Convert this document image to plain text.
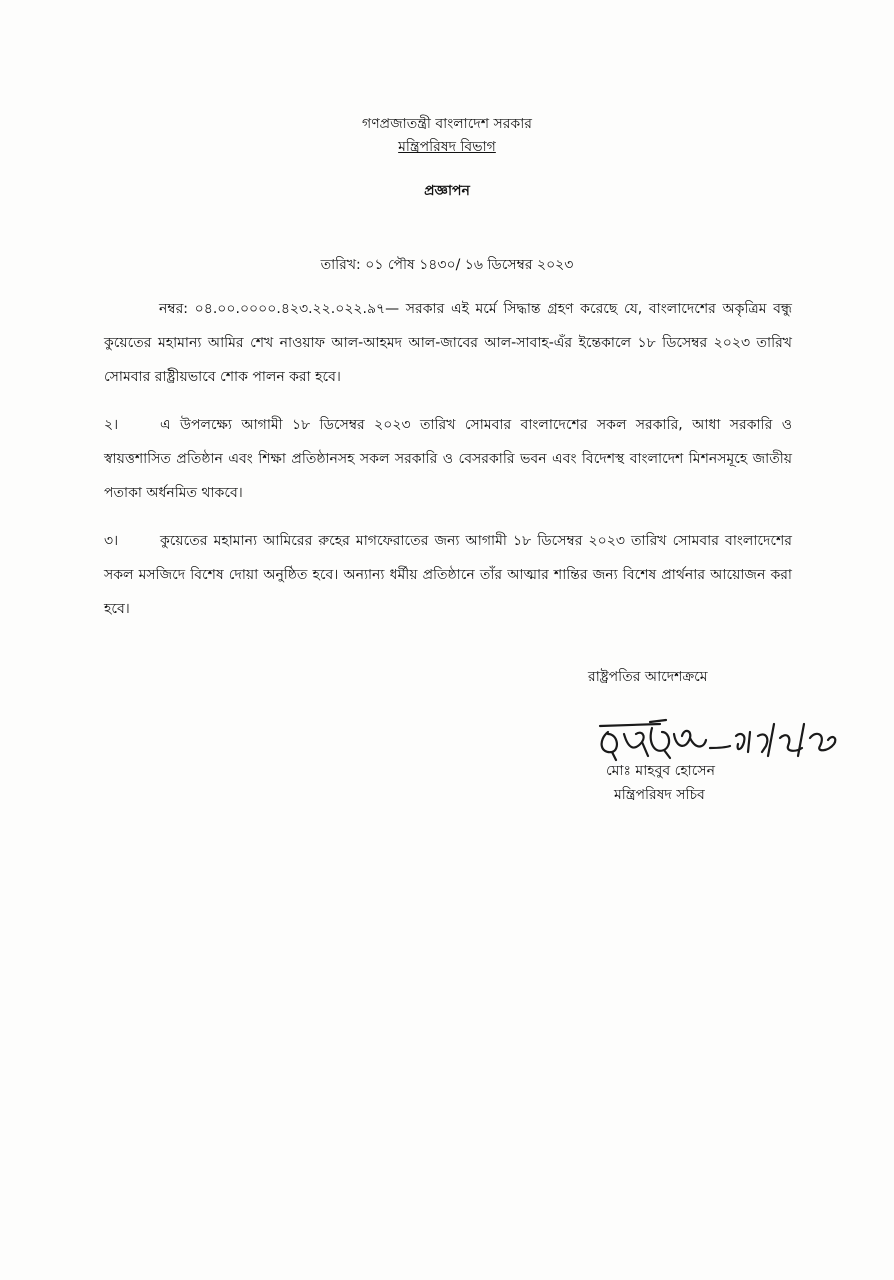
গণপ্রজাতন্ত্রী বাংলাদেশ সরকার
মন্ত্রিপরিষদ বিভাগ
প্রজ্ঞাপন
তারিখ: ০১ পৌষ ১৪৩০/ ১৬ ডিসেম্বর ২০২৩
নম্বর: ০৪.০০.০০০০.৪২৩.২২.০২২.৯৭— সরকার এই মর্মে সিদ্ধান্ত গ্রহণ করেছে যে, বাংলাদেশের অকৃত্রিম বন্ধু কুয়েতের মহামান্য আমির শেখ নাওয়াফ আল-আহমদ আল-জাবের আল-সাবাহ-এঁর ইন্তেকালে ১৮ ডিসেম্বর ২০২৩ তারিখ সোমবার রাষ্ট্রীয়ভাবে শোক পালন করা হবে।
২।	এ উপলক্ষ্যে আগামী ১৮ ডিসেম্বর ২০২৩ তারিখ সোমবার বাংলাদেশের সকল সরকারি, আধা সরকারি ও স্বায়ত্তশাসিত প্রতিষ্ঠান এবং শিক্ষা প্রতিষ্ঠানসহ সকল সরকারি ও বেসরকারি ভবন এবং বিদেশস্থ বাংলাদেশ মিশনসমূহে জাতীয় পতাকা অর্ধনমিত থাকবে।
৩।	কুয়েতের মহামান্য আমিরের রুহের মাগফেরাতের জন্য আগামী ১৮ ডিসেম্বর ২০২৩ তারিখ সোমবার বাংলাদেশের সকল মসজিদে বিশেষ দোয়া অনুষ্ঠিত হবে। অন্যান্য ধর্মীয় প্রতিষ্ঠানে তাঁর আত্মার শান্তির জন্য বিশেষ প্রার্থনার আয়োজন করা হবে।
রাষ্ট্রপতির আদেশক্রমে
মোঃ মাহবুব হোসেন
মন্ত্রিপরিষদ সচিব
